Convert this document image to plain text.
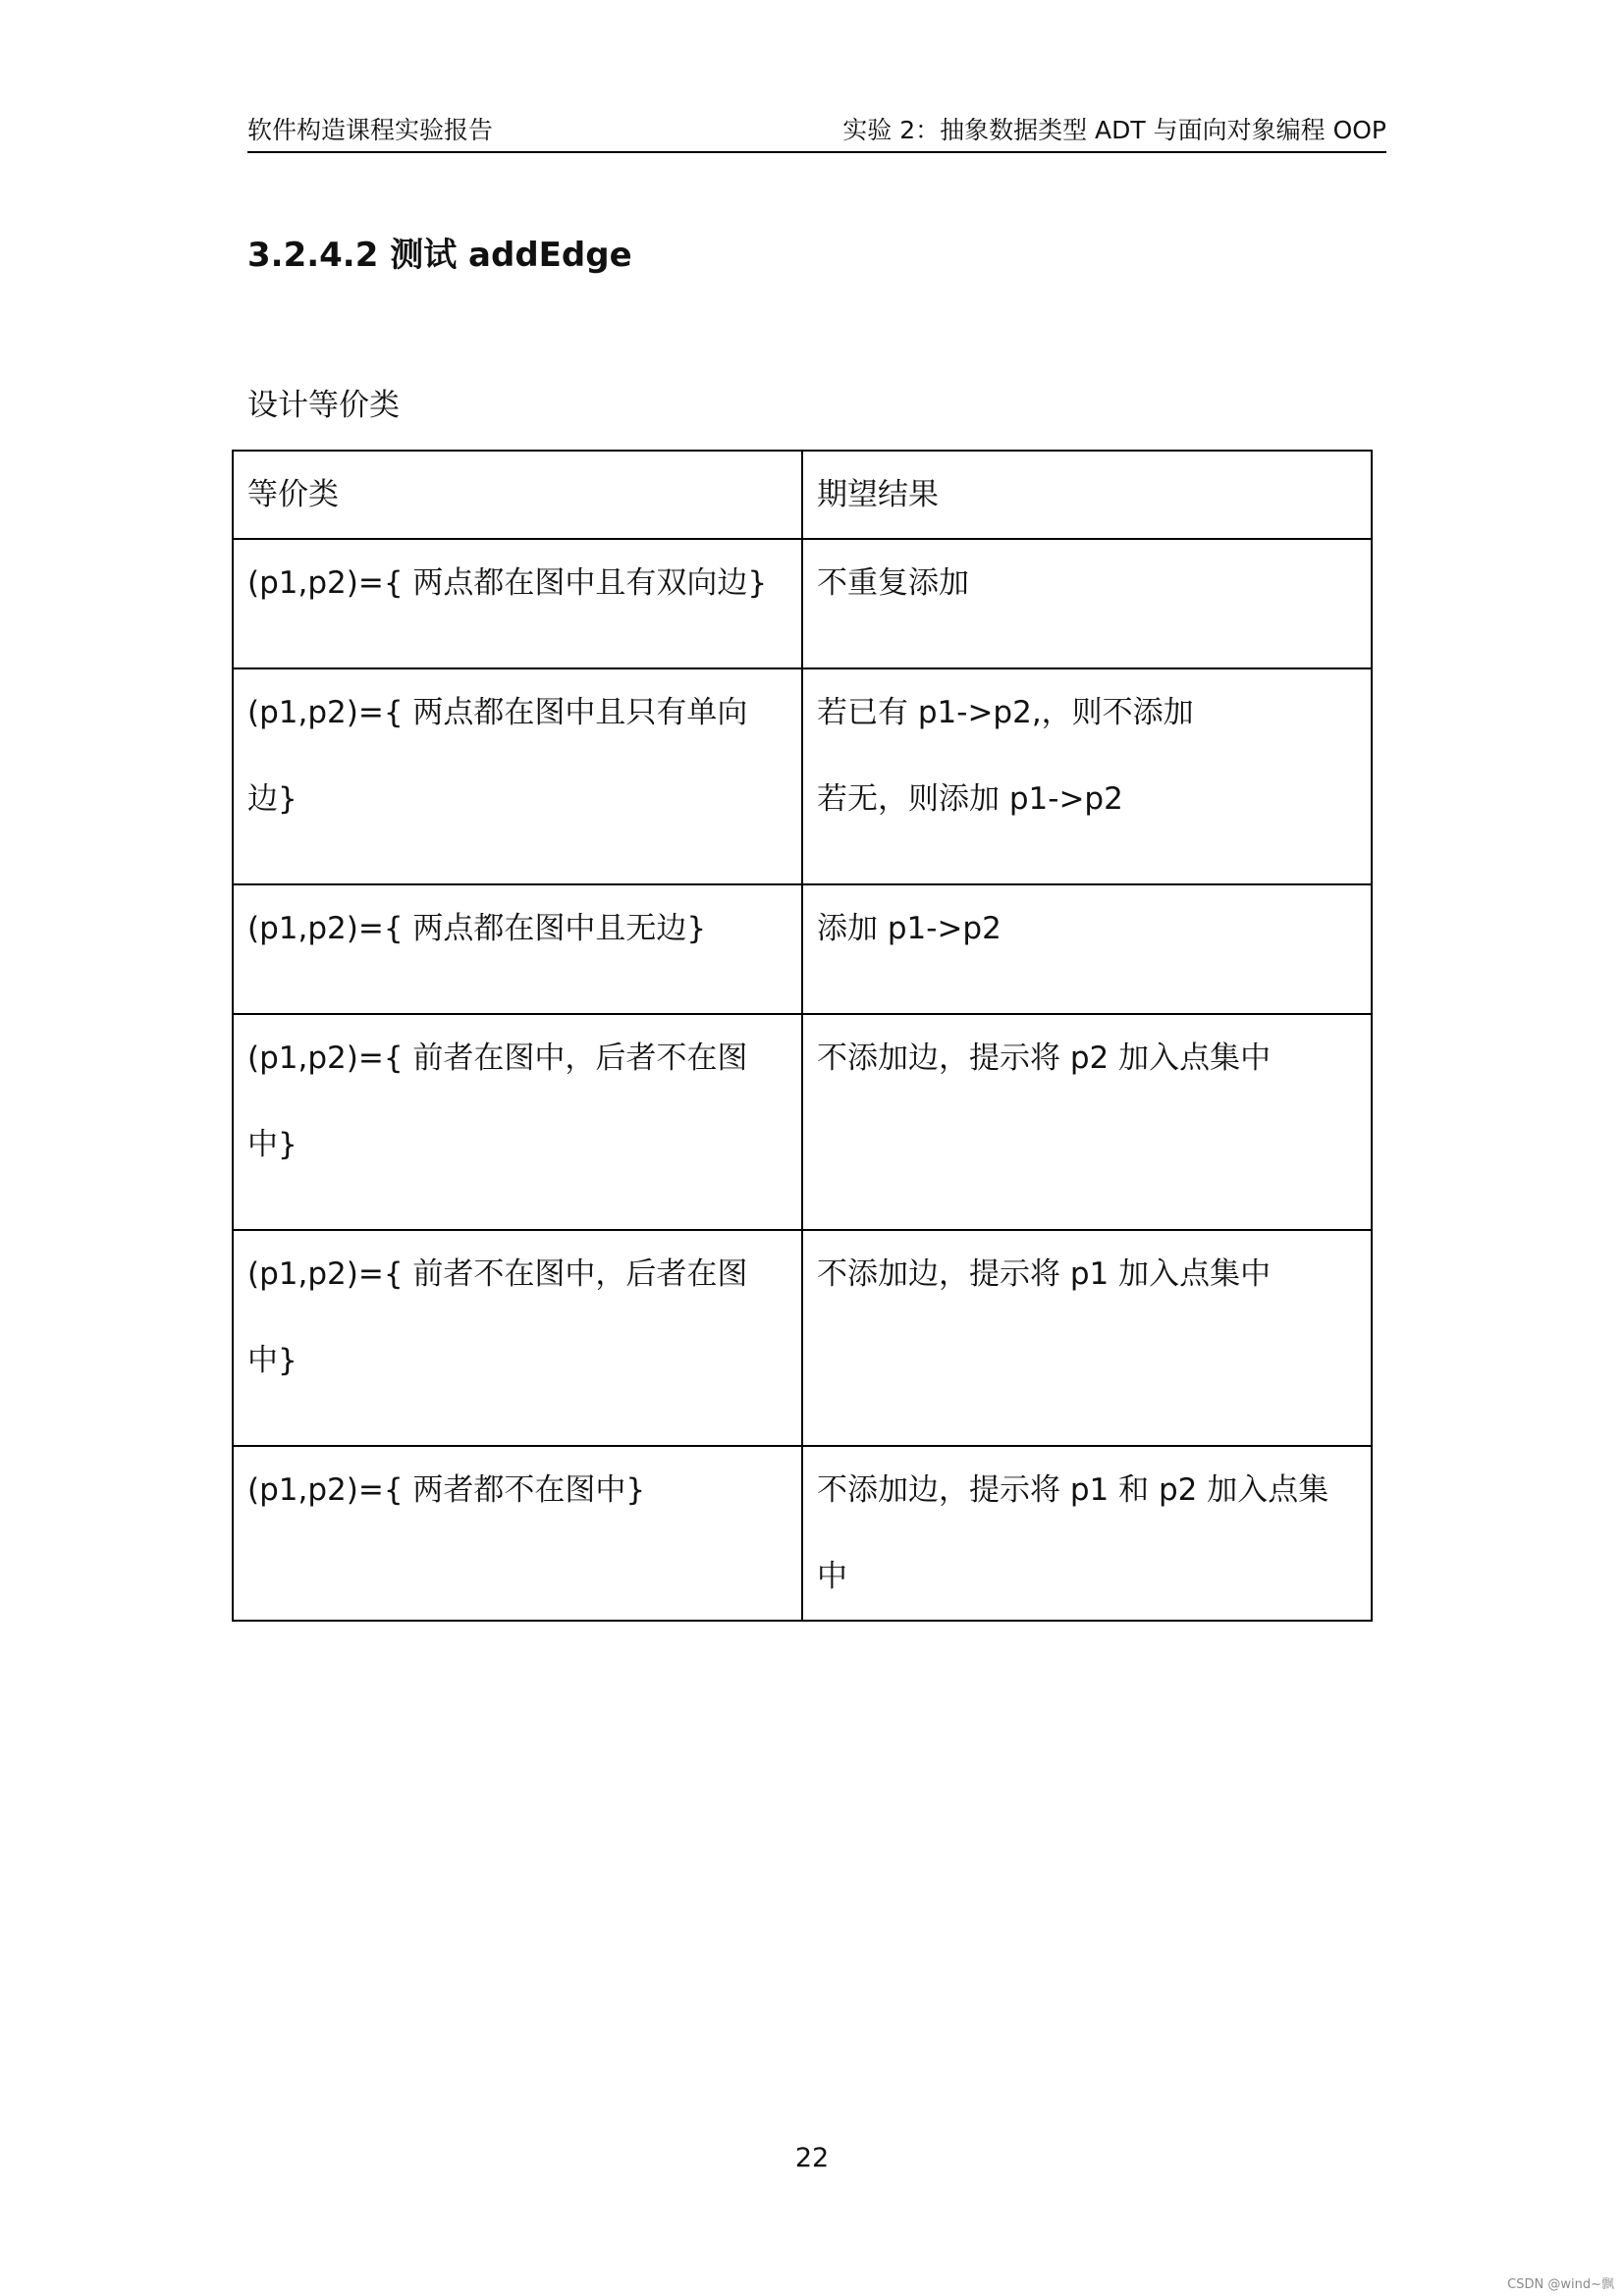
软件构造课程实验报告	实验 2：抽象数据类型 ADT 与面向对象编程 OOP
3.2.4.2 测试 addEdge
设计等价类
等价类	期望结果
(p1,p2)={ 两点都在图中且有双向边}	不重复添加

(p1,p2)={ 两点都在图中且只有单向边}	若已有 p1->p2,，则不添加
若无，则添加 p1->p2

(p1,p2)={ 两点都在图中且无边}	添加 p1->p2

(p1,p2)={ 前者在图中，后者不在图中}	不添加边，提示将 p2 加入点集中

(p1,p2)={ 前者不在图中，后者在图中}	不添加边，提示将 p1 加入点集中

(p1,p2)={ 两者都不在图中}	不添加边，提示将 p1 和 p2 加入点集中
22
CSDN @wind~飘
